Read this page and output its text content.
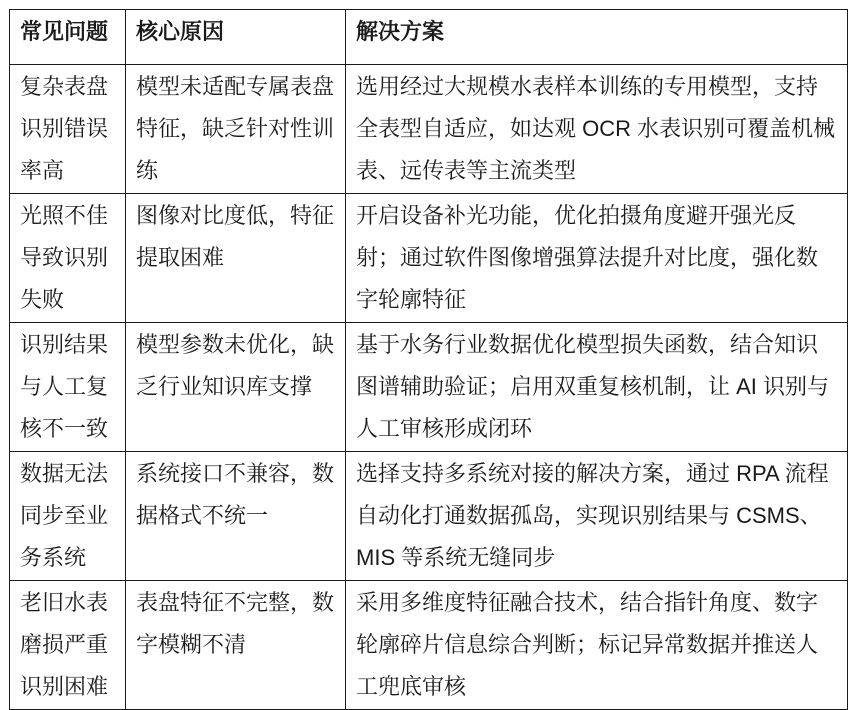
常见问题	核心原因	解决方案
复杂表盘识别错误率高	模型未适配专属表盘特征，缺乏针对性训练	选用经过大规模水表样本训练的专用模型，支持全表型自适应，如达观 OCR 水表识别可覆盖机械表、远传表等主流类型
光照不佳导致识别失败	图像对比度低，特征提取困难	开启设备补光功能，优化拍摄角度避开强光反射；通过软件图像增强算法提升对比度，强化数字轮廓特征
识别结果与人工复核不一致	模型参数未优化，缺乏行业知识库支撑	基于水务行业数据优化模型损失函数，结合知识图谱辅助验证；启用双重复核机制，让 AI 识别与人工审核形成闭环
数据无法同步至业务系统	系统接口不兼容，数据格式不统一	选择支持多系统对接的解决方案，通过 RPA 流程自动化打通数据孤岛，实现识别结果与 CSMS、MIS 等系统无缝同步
老旧水表磨损严重识别困难	表盘特征不完整，数字模糊不清	采用多维度特征融合技术，结合指针角度、数字轮廓碎片信息综合判断；标记异常数据并推送人工兜底审核
